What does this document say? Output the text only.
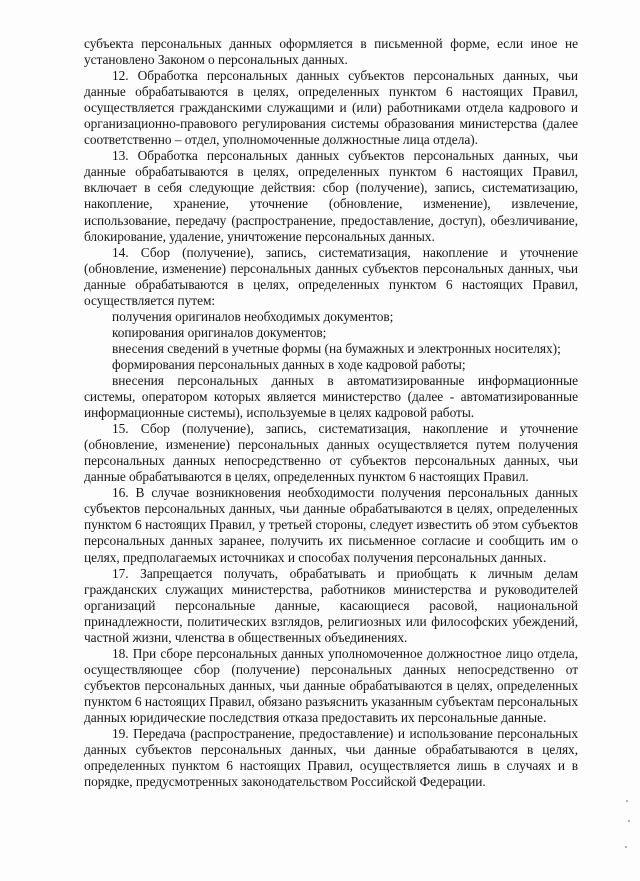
субъекта персональных данных оформляется в письменной форме, если иное не установлено Законом о персональных данных.

12. Обработка персональных данных субъектов персональных данных, чьи данные обрабатываются в целях, определенных пунктом 6 настоящих Правил, осуществляется гражданскими служащими и (или) работниками отдела кадрового и организационно-правового регулирования системы образования министерства (далее соответственно – отдел, уполномоченные должностные лица отдела).

13. Обработка персональных данных субъектов персональных данных, чьи данные обрабатываются в целях, определенных пунктом 6 настоящих Правил, включает в себя следующие действия: сбор (получение), запись, систематизацию, накопление, хранение, уточнение (обновление, изменение), извлечение, использование, передачу (распространение, предоставление, доступ), обезличивание, блокирование, удаление, уничтожение персональных данных.

14. Сбор (получение), запись, систематизация, накопление и уточнение (обновление, изменение) персональных данных субъектов персональных данных, чьи данные обрабатываются в целях, определенных пунктом 6 настоящих Правил, осуществляется путем:

получения оригиналов необходимых документов;

копирования оригиналов документов;

внесения сведений в учетные формы (на бумажных и электронных носителях);

формирования персональных данных в ходе кадровой работы;

внесения персональных данных в автоматизированные информационные системы, оператором которых является министерство (далее - автоматизированные информационные системы), используемые в целях кадровой работы.

15. Сбор (получение), запись, систематизация, накопление и уточнение (обновление, изменение) персональных данных осуществляется путем получения персональных данных непосредственно от субъектов персональных данных, чьи данные обрабатываются в целях, определенных пунктом 6 настоящих Правил.

16. В случае возникновения необходимости получения персональных данных субъектов персональных данных, чьи данные обрабатываются в целях, определенных пунктом 6 настоящих Правил, у третьей стороны, следует известить об этом субъектов персональных данных заранее, получить их письменное согласие и сообщить им о целях, предполагаемых источниках и способах получения персональных данных.

17. Запрещается получать, обрабатывать и приобщать к личным делам гражданских служащих министерства, работников министерства и руководителей организаций персональные данные, касающиеся расовой, национальной принадлежности, политических взглядов, религиозных или философских убеждений, частной жизни, членства в общественных объединениях.

18. При сборе персональных данных уполномоченное должностное лицо отдела, осуществляющее сбор (получение) персональных данных непосредственно от субъектов персональных данных, чьи данные обрабатываются в целях, определенных пунктом 6 настоящих Правил, обязано разъяснить указанным субъектам персональных данных юридические последствия отказа предоставить их персональные данные.

19. Передача (распространение, предоставление) и использование персональных данных субъектов персональных данных, чьи данные обрабатываются в целях, определенных пунктом 6 настоящих Правил, осуществляется лишь в случаях и в порядке, предусмотренных законодательством Российской Федерации.
